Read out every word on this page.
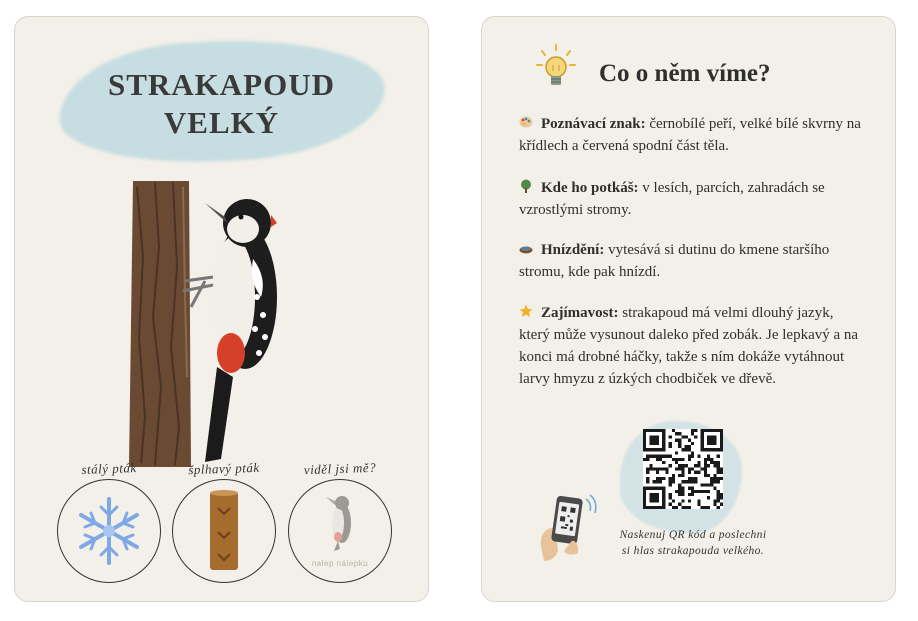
STRAKAPOUD
VELKÝ
stálý pták	šplhavý pták	viděl jsi mě?
nalep nálepku
Co o něm víme?
Poznávací znak: černobílé peří, velké bílé skvrny na křídlech a červená spodní část těla.
Kde ho potkáš: v lesích, parcích, zahradách se vzrostlými stromy.
Hnízdění: vytesává si dutinu do kmene staršího stromu, kde pak hnízdí.
Zajímavost: strakapoud má velmi dlouhý jazyk, který může vysunout daleko před zobák. Je lepkavý a na konci má drobné háčky, takže s ním dokáže vytáhnout larvy hmyzu z úzkých chodbiček ve dřevě.
Naskenuj QR kód a poslechni
si hlas strakapouda velkého.
